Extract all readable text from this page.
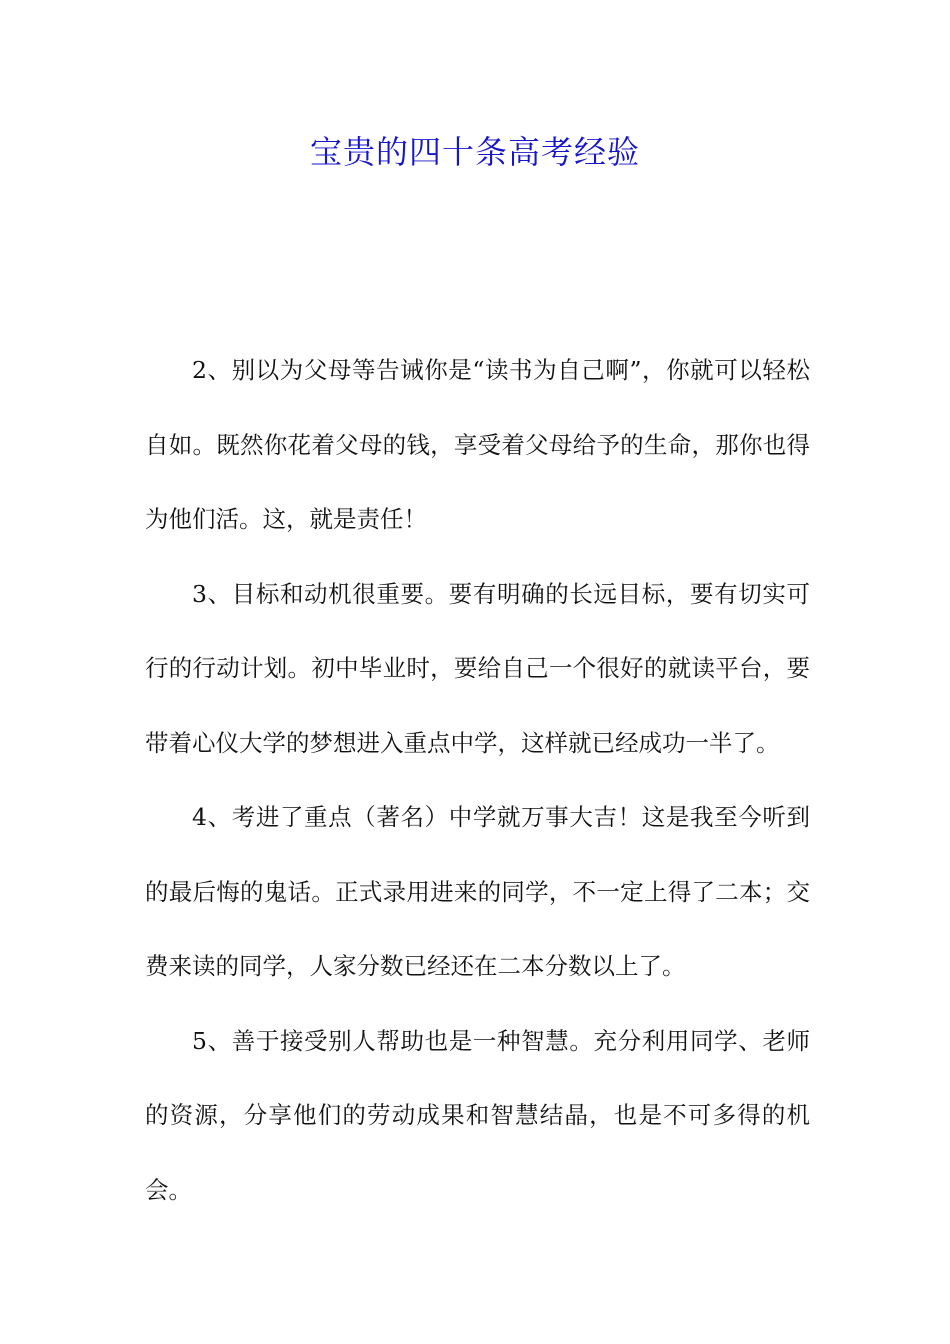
宝贵的四十条高考经验

2、别以为父母等告诫你是“读书为自己啊”，你就可以轻松自如。既然你花着父母的钱，享受着父母给予的生命，那你也得为他们活。这，就是责任！

3、目标和动机很重要。要有明确的长远目标，要有切实可行的行动计划。初中毕业时，要给自己一个很好的就读平台，要带着心仪大学的梦想进入重点中学，这样就已经成功一半了。

4、考进了重点（著名）中学就万事大吉！这是我至今听到的最后悔的鬼话。正式录用进来的同学，不一定上得了二本；交费来读的同学，人家分数已经还在二本分数以上了。

5、善于接受别人帮助也是一种智慧。充分利用同学、老师的资源，分享他们的劳动成果和智慧结晶，也是不可多得的机会。
